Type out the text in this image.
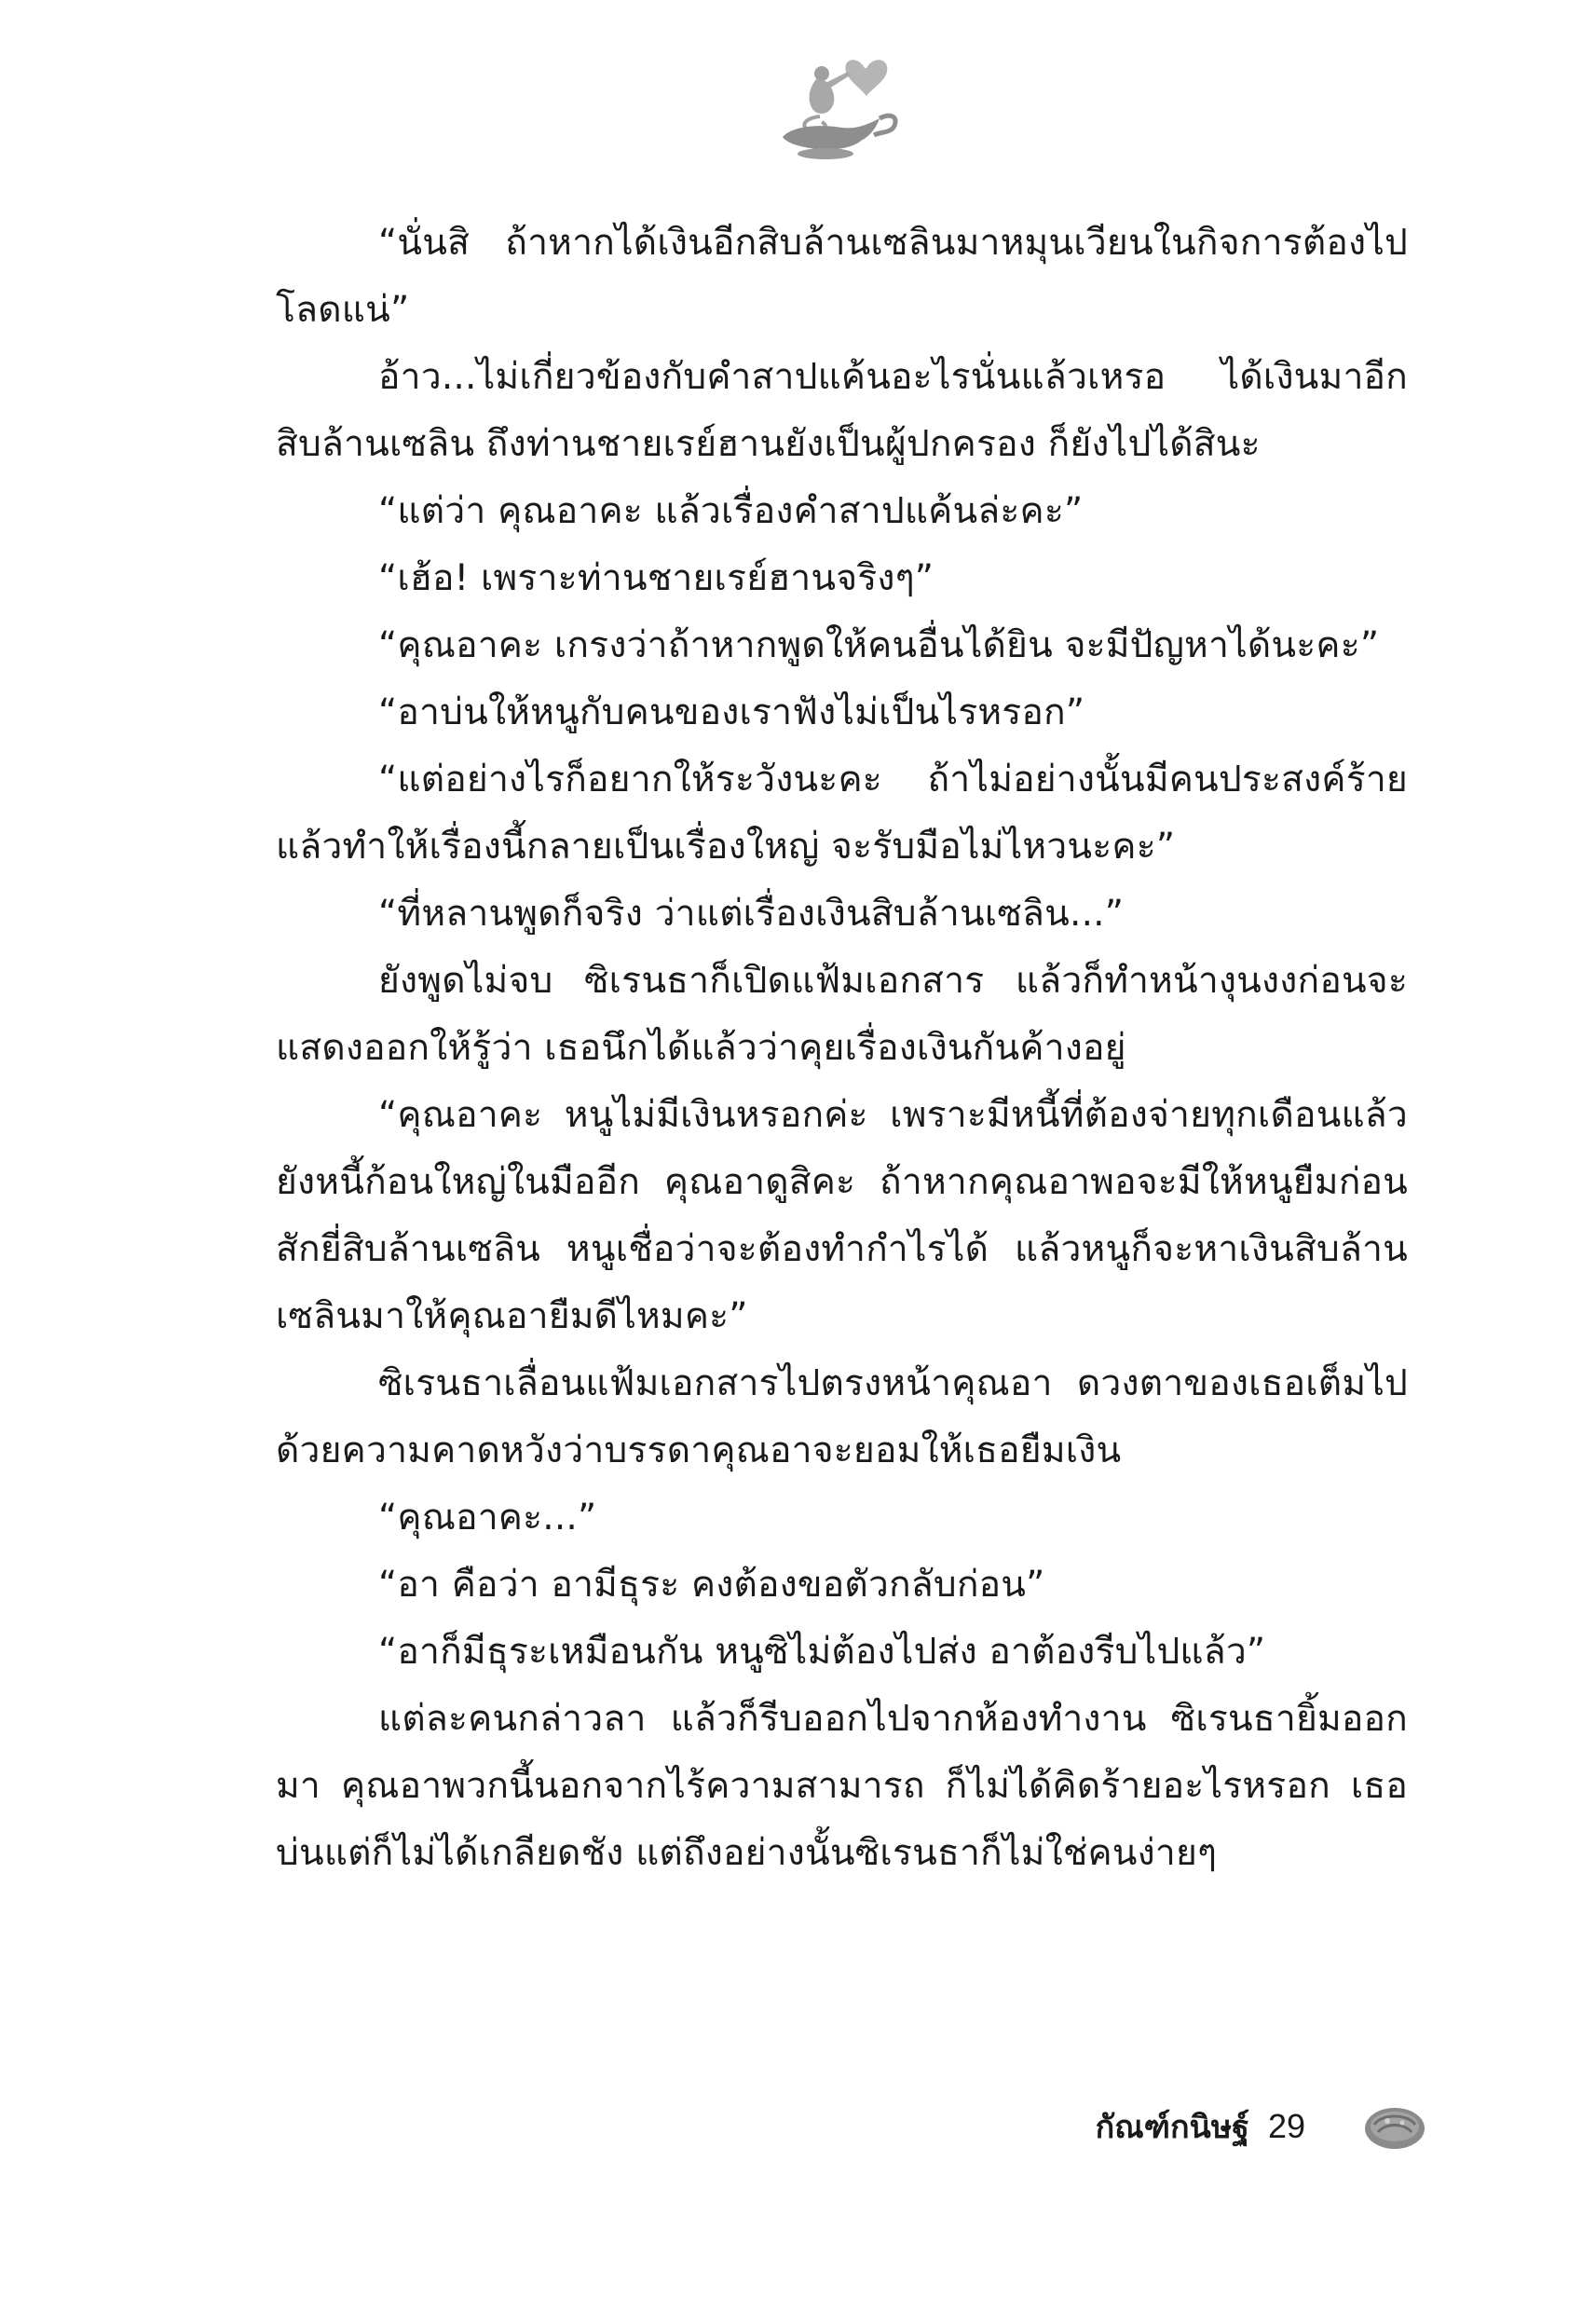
“นั่นสิ ถ้าหากได้เงินอีกสิบล้านเซลินมาหมุนเวียนในกิจการต้องไปโลดแน่”

อ้าว...ไม่เกี่ยวข้องกับคำสาปแค้นอะไรนั่นแล้วเหรอ ได้เงินมาอีกสิบล้านเซลิน ถึงท่านชายเรย์ฮานยังเป็นผู้ปกครอง ก็ยังไปได้สินะ

“แต่ว่า คุณอาคะ แล้วเรื่องคำสาปแค้นล่ะคะ”

“เฮ้อ! เพราะท่านชายเรย์ฮานจริงๆ”

“คุณอาคะ เกรงว่าถ้าหากพูดให้คนอื่นได้ยิน จะมีปัญหาได้นะคะ”

“อาบ่นให้หนูกับคนของเราฟังไม่เป็นไรหรอก”

“แต่อย่างไรก็อยากให้ระวังนะคะ ถ้าไม่อย่างนั้นมีคนประสงค์ร้ายแล้วทำให้เรื่องนี้กลายเป็นเรื่องใหญ่ จะรับมือไม่ไหวนะคะ”

“ที่หลานพูดก็จริง ว่าแต่เรื่องเงินสิบล้านเซลิน...”

ยังพูดไม่จบ ซิเรนธาก็เปิดแฟ้มเอกสาร แล้วก็ทำหน้างุนงงก่อนจะแสดงออกให้รู้ว่า เธอนึกได้แล้วว่าคุยเรื่องเงินกันค้างอยู่

“คุณอาคะ หนูไม่มีเงินหรอกค่ะ เพราะมีหนี้ที่ต้องจ่ายทุกเดือนแล้วยังหนี้ก้อนใหญ่ในมืออีก คุณอาดูสิคะ ถ้าหากคุณอาพอจะมีให้หนูยืมก่อนสักยี่สิบล้านเซลิน หนูเชื่อว่าจะต้องทำกำไรได้ แล้วหนูก็จะหาเงินสิบล้านเซลินมาให้คุณอายืมดีไหมคะ”

ซิเรนธาเลื่อนแฟ้มเอกสารไปตรงหน้าคุณอา ดวงตาของเธอเต็มไปด้วยความคาดหวังว่าบรรดาคุณอาจะยอมให้เธอยืมเงิน

“คุณอาคะ...”

“อา คือว่า อามีธุระ คงต้องขอตัวกลับก่อน”

“อาก็มีธุระเหมือนกัน หนูซิไม่ต้องไปส่ง อาต้องรีบไปแล้ว”

แต่ละคนกล่าวลา แล้วก็รีบออกไปจากห้องทำงาน ซิเรนธายิ้มออกมา คุณอาพวกนี้นอกจากไร้ความสามารถ ก็ไม่ได้คิดร้ายอะไรหรอก เธอบ่นแต่ก็ไม่ได้เกลียดชัง แต่ถึงอย่างนั้นซิเรนธาก็ไม่ใช่คนง่ายๆ

กัณฑ์กนิษฐ์ 29
